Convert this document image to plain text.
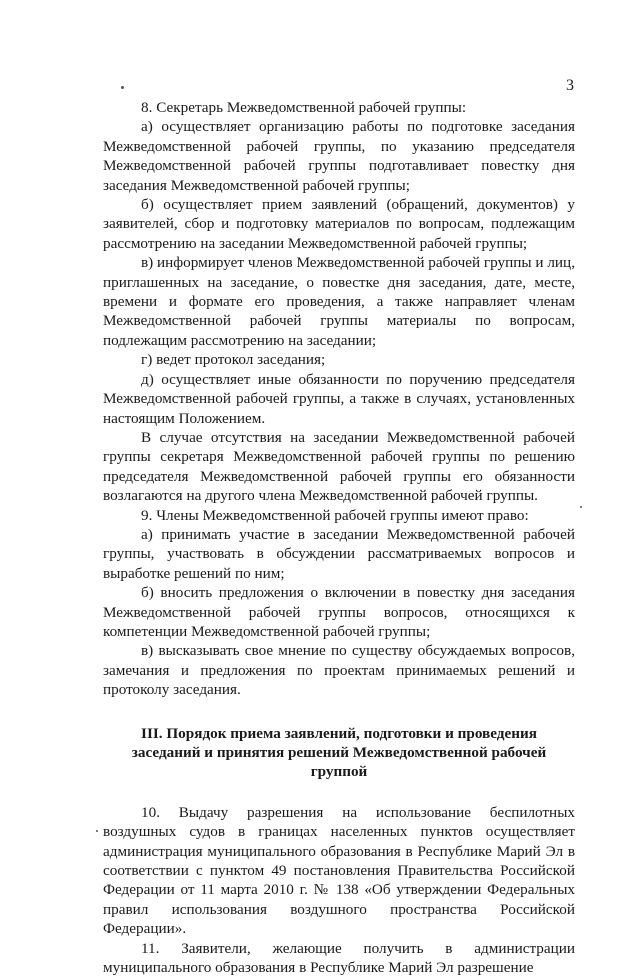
3

8. Секретарь Межведомственной рабочей группы:

а) осуществляет организацию работы по подготовке заседания Межведомственной рабочей группы, по указанию председателя Межведомственной рабочей группы подготавливает повестку дня заседания Межведомственной рабочей группы;

б) осуществляет прием заявлений (обращений, документов) у заявителей, сбор и подготовку материалов по вопросам, подлежащим рассмотрению на заседании Межведомственной рабочей группы;

в) информирует членов Межведомственной рабочей группы и лиц, приглашенных на заседание, о повестке дня заседания, дате, месте, времени и формате его проведения, а также направляет членам Межведомственной рабочей группы материалы по вопросам, подлежащим рассмотрению на заседании;

г) ведет протокол заседания;

д) осуществляет иные обязанности по поручению председателя Межведомственной рабочей группы, а также в случаях, установленных настоящим Положением.

В случае отсутствия на заседании Межведомственной рабочей группы секретаря Межведомственной рабочей группы по решению председателя Межведомственной рабочей группы его обязанности возлагаются на другого члена Межведомственной рабочей группы.

9. Члены Межведомственной рабочей группы имеют право:

а) принимать участие в заседании Межведомственной рабочей группы, участвовать в обсуждении рассматриваемых вопросов и выработке решений по ним;

б) вносить предложения о включении в повестку дня заседания Межведомственной рабочей группы вопросов, относящихся к компетенции Межведомственной рабочей группы;

в) высказывать свое мнение по существу обсуждаемых вопросов, замечания и предложения по проектам принимаемых решений и протоколу заседания.

III. Порядок приема заявлений, подготовки и проведения
заседаний и принятия решений Межведомственной рабочей группой

10. Выдачу разрешения на использование беспилотных воздушных судов в границах населенных пунктов осуществляет администрация муниципального образования в Республике Марий Эл в соответствии с пунктом 49 постановления Правительства Российской Федерации от 11 марта 2010 г. № 138 «Об утверждении Федеральных правил использования воздушного пространства Российской Федерации».

11. Заявители, желающие получить в администрации муниципального образования в Республике Марий Эл разрешение
